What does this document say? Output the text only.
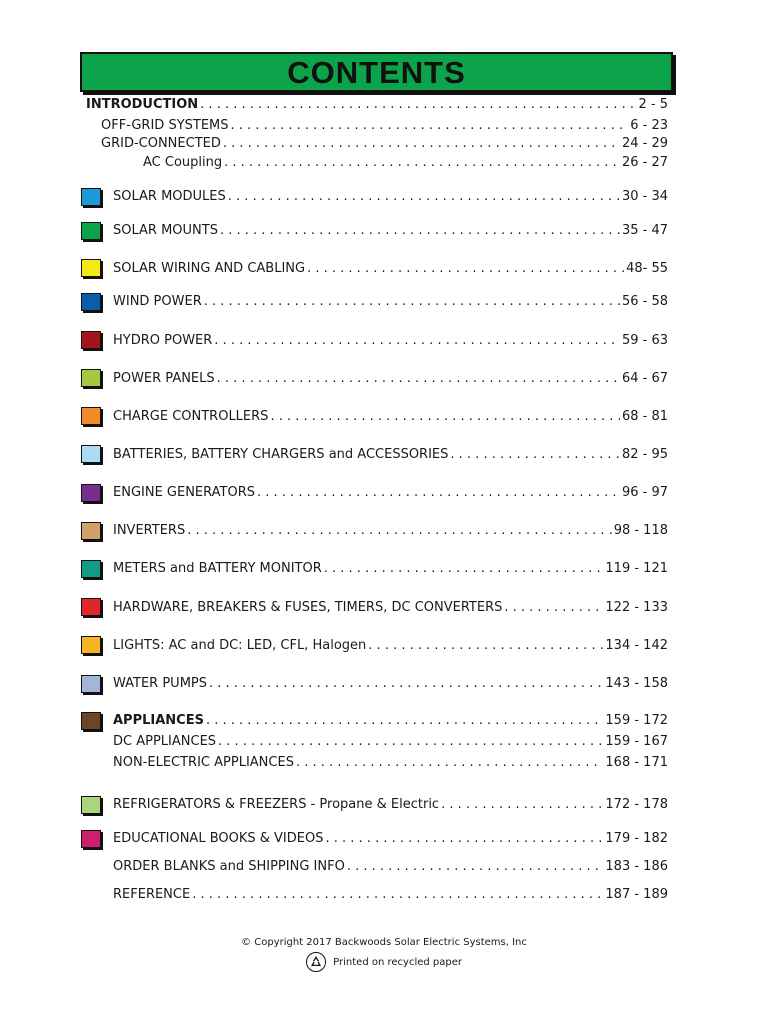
CONTENTS
INTRODUCTION . . .	2 - 5
OFF-GRID SYSTEMS . . .	6 - 23
GRID-CONNECTED . . .	24 - 29
AC Coupling . . .	26 - 27
SOLAR MODULES . . .	30 - 34
SOLAR MOUNTS . . .	35 - 47
SOLAR WIRING AND CABLING . . .	48- 55
WIND POWER . . .	56 - 58
HYDRO POWER . . .	59 - 63
POWER PANELS . . .	64 - 67
CHARGE CONTROLLERS . . .	68 - 81
BATTERIES, BATTERY CHARGERS and ACCESSORIES . . .	82 - 95
ENGINE GENERATORS . . .	96 - 97
INVERTERS . . .	98 - 118
METERS and BATTERY MONITOR . . .	119 - 121
HARDWARE, BREAKERS & FUSES, TIMERS, DC CONVERTERS . . .	122 - 133
LIGHTS: AC and DC: LED, CFL, Halogen . . .	134 - 142
WATER PUMPS . . .	143 - 158
APPLIANCES . . .	159 - 172
DC APPLIANCES . . .	159 - 167
NON-ELECTRIC APPLIANCES . . .	168 - 171
REFRIGERATORS & FREEZERS - Propane & Electric . . .	172 - 178
EDUCATIONAL BOOKS & VIDEOS . . .	179 - 182
ORDER BLANKS and SHIPPING INFO . . .	183 - 186
REFERENCE . . .	187 - 189
© Copyright 2017 Backwoods Solar Electric Systems, Inc
Printed on recycled paper
